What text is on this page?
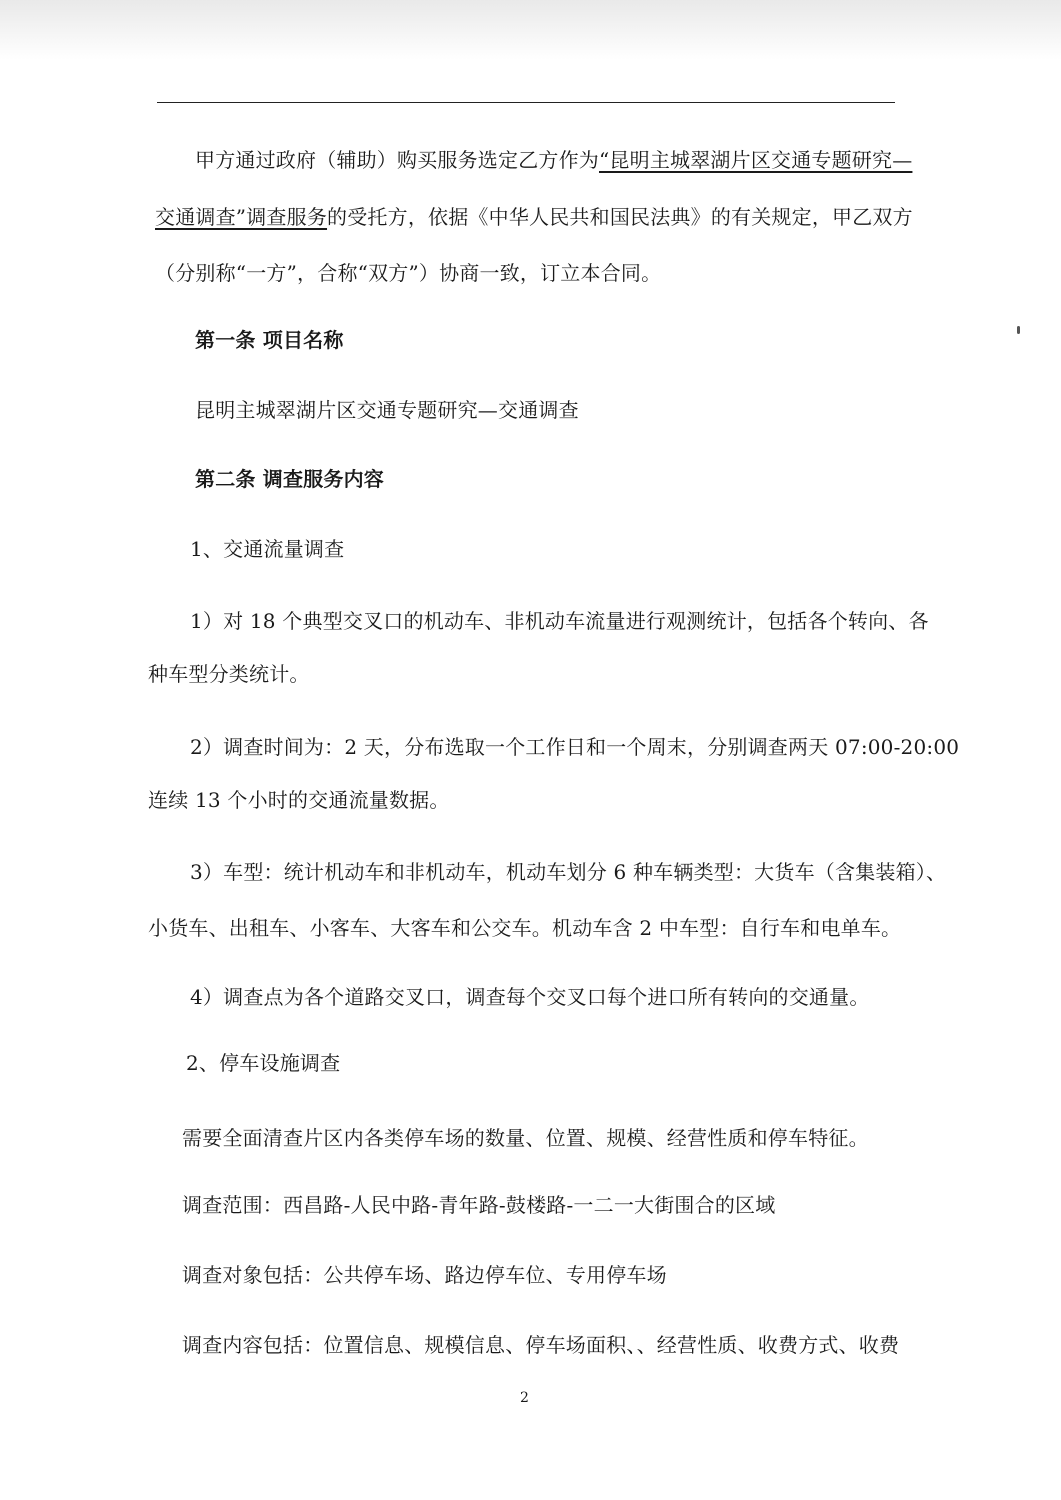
甲方通过政府（辅助）购买服务选定乙方作为“昆明主城翠湖片区交通专题研究—
交通调查”调查服务的受托方，依据《中华人民共和国民法典》的有关规定，甲乙双方
（分别称“一方”，合称“双方”）协商一致，订立本合同。
第一条 项目名称
昆明主城翠湖片区交通专题研究—交通调查
第二条 调查服务内容
1、交通流量调查
1）对 18 个典型交叉口的机动车、非机动车流量进行观测统计，包括各个转向、各
种车型分类统计。
2）调查时间为：2 天，分布选取一个工作日和一个周末，分别调查两天 07:00-20:00
连续 13 个小时的交通流量数据。
3）车型：统计机动车和非机动车，机动车划分 6 种车辆类型：大货车（含集装箱）、
小货车、出租车、小客车、大客车和公交车。机动车含 2 中车型：自行车和电单车。
4）调查点为各个道路交叉口，调查每个交叉口每个进口所有转向的交通量。
2、停车设施调查
需要全面清查片区内各类停车场的数量、位置、规模、经营性质和停车特征。
调查范围：西昌路-人民中路-青年路-鼓楼路-一二一大街围合的区域
调查对象包括：公共停车场、路边停车位、专用停车场
调查内容包括：位置信息、规模信息、停车场面积、、经营性质、收费方式、收费
2
